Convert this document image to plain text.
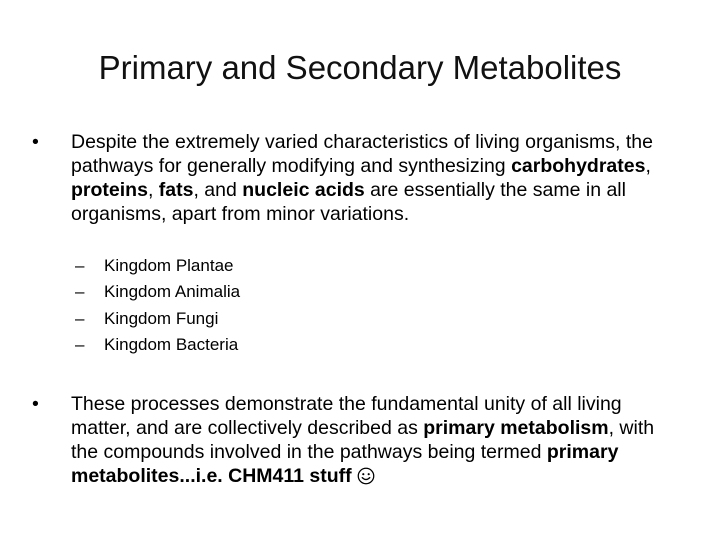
Primary and Secondary Metabolites
•	Despite the extremely varied characteristics of living organisms, the pathways for generally modifying and synthesizing carbohydrates, proteins, fats, and nucleic acids are essentially the same in all organisms, apart from minor variations.
– Kingdom Plantae
– Kingdom Animalia
– Kingdom Fungi
– Kingdom Bacteria
•	These processes demonstrate the fundamental unity of all living matter, and are collectively described as primary metabolism, with the compounds involved in the pathways being termed primary metabolites...i.e. CHM411 stuff
